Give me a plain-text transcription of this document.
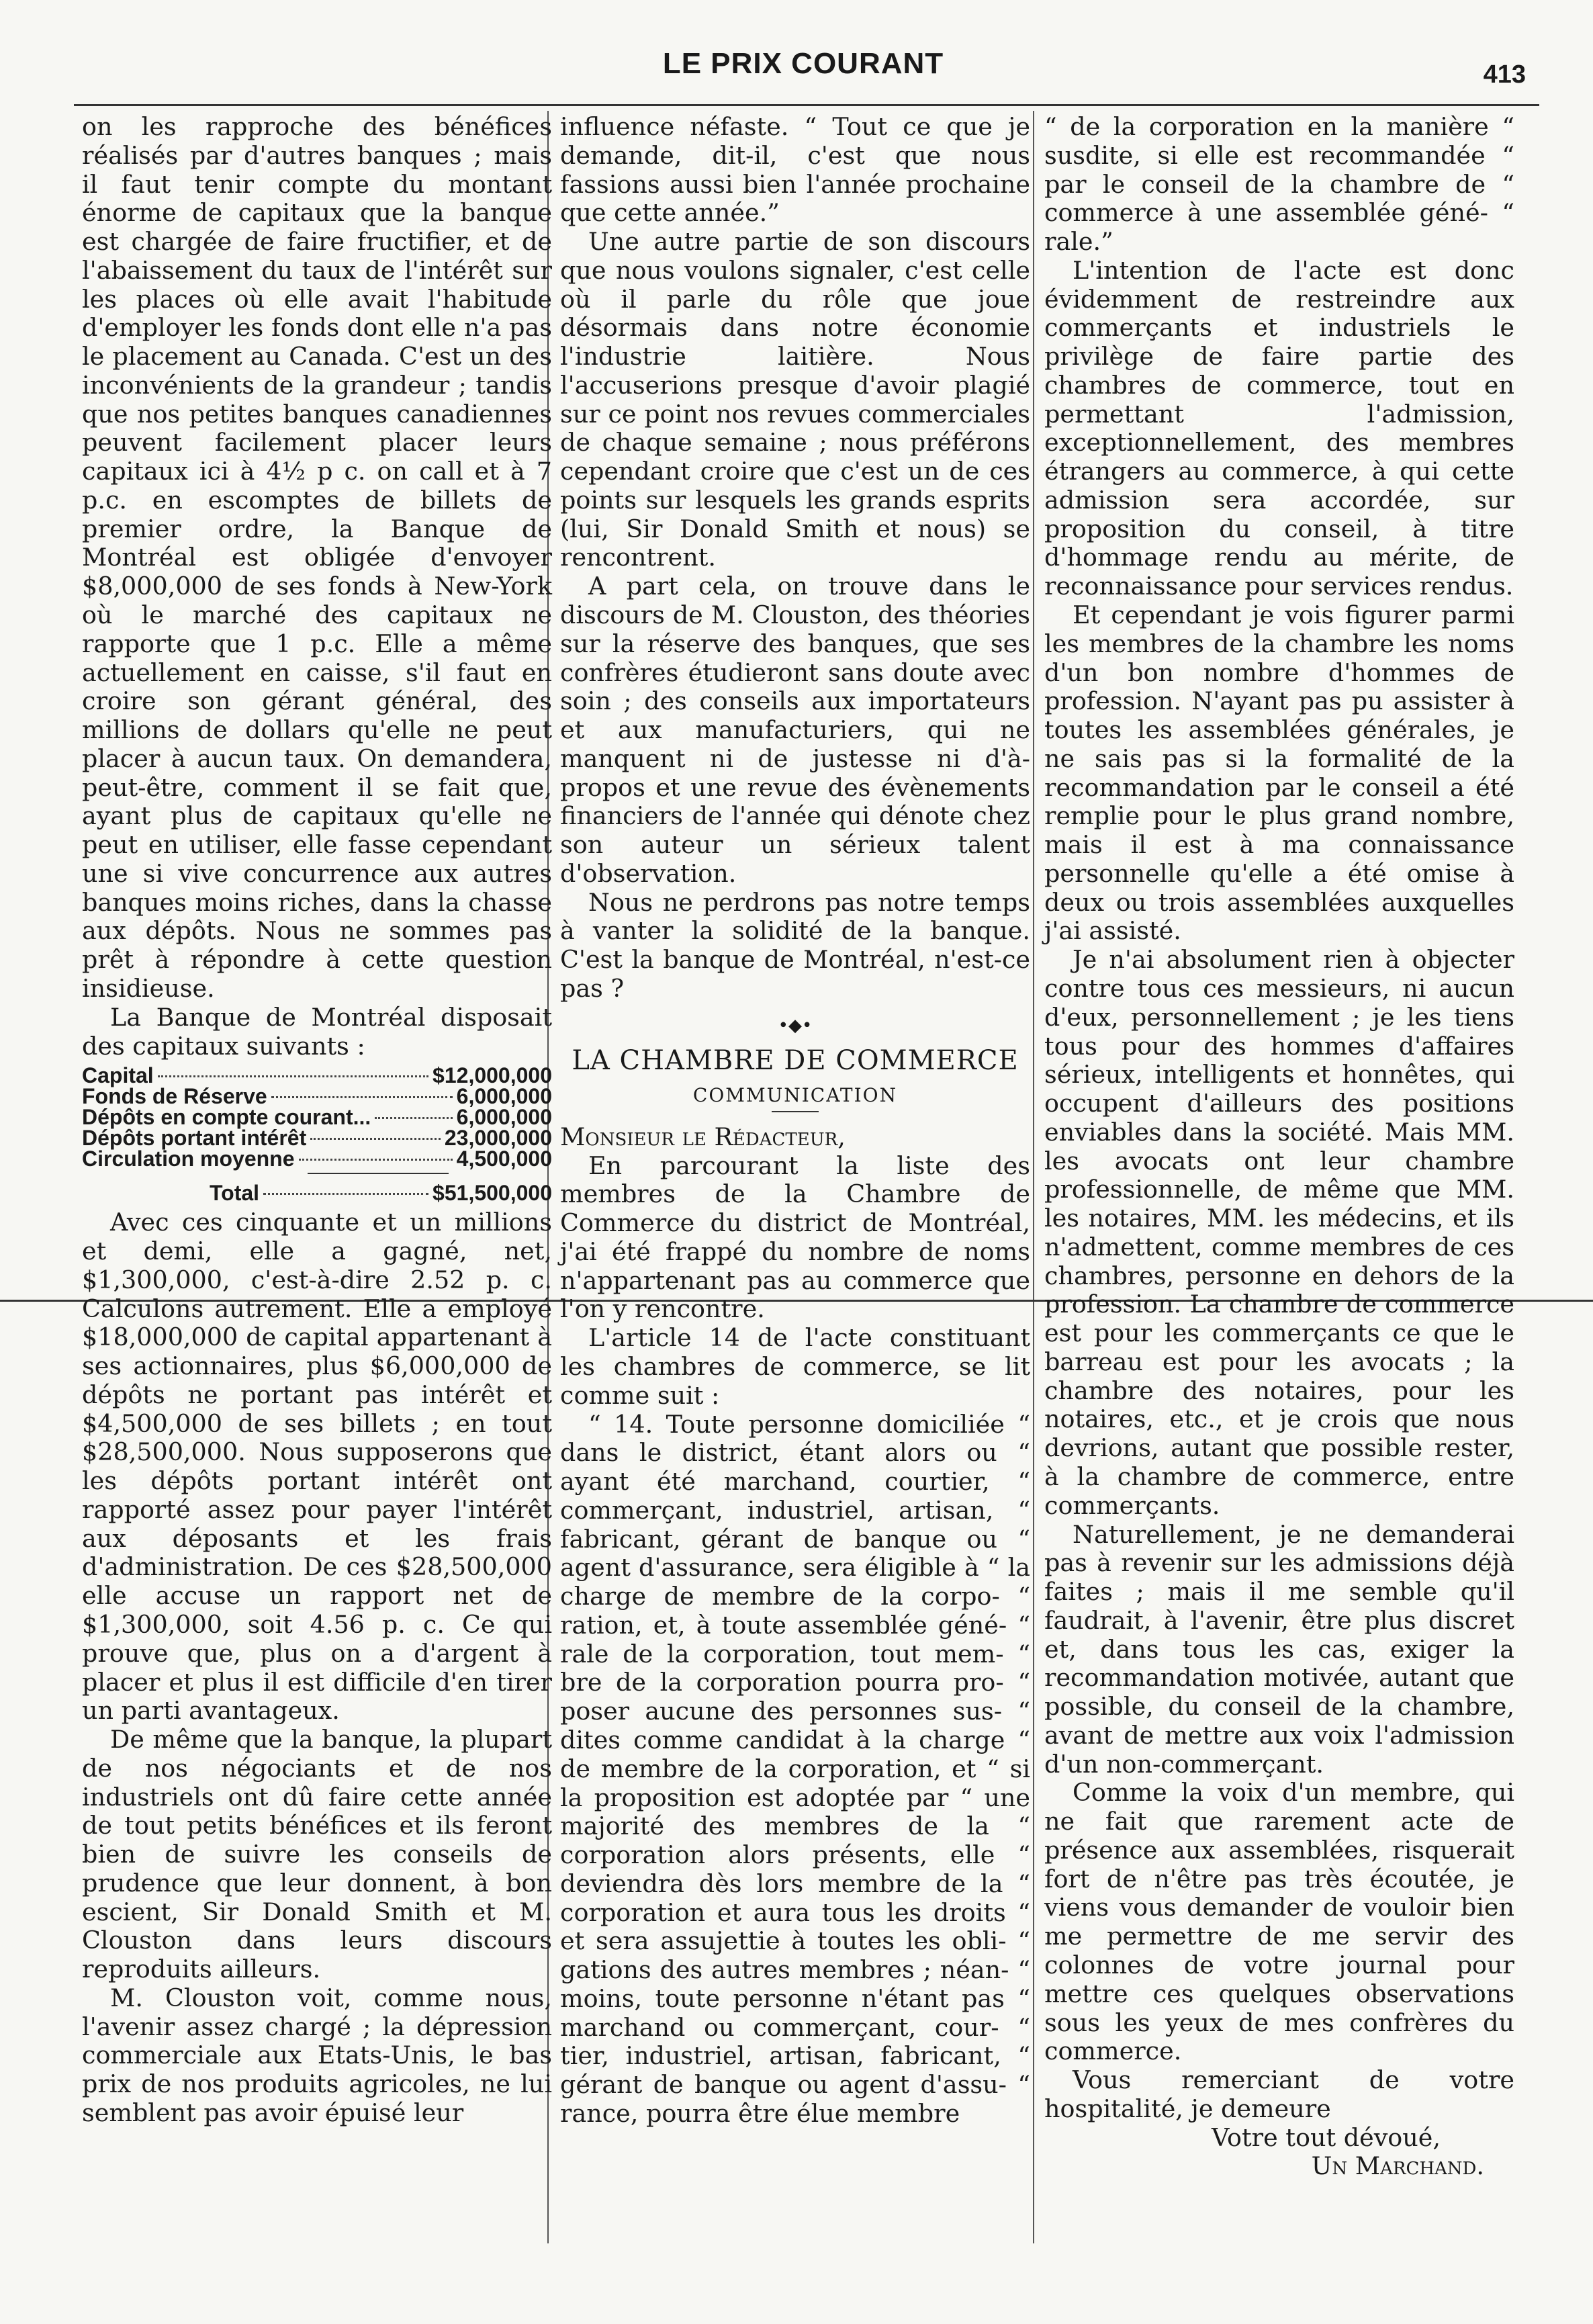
LE PRIX COURANT	413

on les rapproche des bénéfices réalisés par d'autres banques ; mais il faut tenir compte du montant énorme de capitaux que la banque est chargée de faire fructifier, et de l'abaissement du taux de l'intérêt sur les places où elle avait l'habitude d'employer les fonds dont elle n'a pas le placement au Canada. C'est un des inconvénients de la grandeur ; tandis que nos petites banques canadiennes peuvent facilement placer leurs capitaux ici à 4½ p c. on call et à 7 p.c. en escomptes de billets de premier ordre, la Banque de Montréal est obligée d'envoyer $8,000,000 de ses fonds à New-York où le marché des capitaux ne rapporte que 1 p.c. Elle a même actuellement en caisse, s'il faut en croire son gérant général, des millions de dollars qu'elle ne peut placer à aucun taux. On demandera, peut-être, comment il se fait que, ayant plus de capitaux qu'elle ne peut en utiliser, elle fasse cependant une si vive concurrence aux autres banques moins riches, dans la chasse aux dépôts. Nous ne sommes pas prêt à répondre à cette question insidieuse.

La Banque de Montréal disposait des capitaux suivants :

Capital	$12,000,000
Fonds de Réserve	6,000,000
Dépôts en compte courant...	6,000,000
Dépôts portant intérêt	23,000,000
Circulation moyenne	4,500,000
Total	$51,500,000

Avec ces cinquante et un millions et demi, elle a gagné, net, $1,300,000, c'est-à-dire 2.52 p. c. Calculons autrement. Elle a employé $18,000,000 de capital appartenant à ses actionnaires, plus $6,000,000 de dépôts ne portant pas intérêt et $4,500,000 de ses billets ; en tout $28,500,000. Nous supposerons que les dépôts portant intérêt ont rapporté assez pour payer l'intérêt aux déposants et les frais d'administration. De ces $28,500,000 elle accuse un rapport net de $1,300,000, soit 4.56 p. c. Ce qui prouve que, plus on a d'argent à placer et plus il est difficile d'en tirer un parti avantageux.

De même que la banque, la plupart de nos négociants et de nos industriels ont dû faire cette année de tout petits bénéfices et ils feront bien de suivre les conseils de prudence que leur donnent, à bon escient, Sir Donald Smith et M. Clouston dans leurs discours reproduits ailleurs.

M. Clouston voit, comme nous, l'avenir assez chargé ; la dépression commerciale aux Etats-Unis, le bas prix de nos produits agricoles, ne lui semblent pas avoir épuisé leur

influence néfaste. “ Tout ce que je demande, dit-il, c'est que nous fassions aussi bien l'année prochaine que cette année.”

Une autre partie de son discours que nous voulons signaler, c'est celle où il parle du rôle que joue désormais dans notre économie l'industrie laitière. Nous l'accuserions presque d'avoir plagié sur ce point nos revues commerciales de chaque semaine ; nous préférons cependant croire que c'est un de ces points sur lesquels les grands esprits (lui, Sir Donald Smith et nous) se rencontrent.

A part cela, on trouve dans le discours de M. Clouston, des théories sur la réserve des banques, que ses confrères étudieront sans doute avec soin ; des conseils aux importateurs et aux manufacturiers, qui ne manquent ni de justesse ni d'à-propos et une revue des évènements financiers de l'année qui dénote chez son auteur un sérieux talent d'observation.

Nous ne perdrons pas notre temps à vanter la solidité de la banque. C'est la banque de Montréal, n'est-ce pas ?

•◆•
LA CHAMBRE DE COMMERCE
COMMUNICATION

Monsieur le Rédacteur,

En parcourant la liste des membres de la Chambre de Commerce du district de Montréal, j'ai été frappé du nombre de noms n'appartenant pas au commerce que l'on y rencontre.

L'article 14 de l'acte constituant les chambres de commerce, se lit comme suit :

“ 14. Toute personne domiciliée “ dans le district, étant alors ou “ ayant été marchand, courtier, “ commerçant, industriel, artisan, “ fabricant, gérant de banque ou “ agent d'assurance, sera éligible à “ la charge de membre de la corpo- “ ration, et, à toute assemblée géné- “ rale de la corporation, tout mem- “ bre de la corporation pourra pro- “ poser aucune des personnes sus- “ dites comme candidat à la charge “ de membre de la corporation, et “ si la proposition est adoptée par “ une majorité des membres de la “ corporation alors présents, elle “ deviendra dès lors membre de la “ corporation et aura tous les droits “ et sera assujettie à toutes les obli- “ gations des autres membres ; néan- “ moins, toute personne n'étant pas “ marchand ou commerçant, cour- “ tier, industriel, artisan, fabricant, “ gérant de banque ou agent d'assu- “ rance, pourra être élue membre

“ de la corporation en la manière “ susdite, si elle est recommandée “ par le conseil de la chambre de “ commerce à une assemblée géné- “ rale.”

L'intention de l'acte est donc évidemment de restreindre aux commerçants et industriels le privilège de faire partie des chambres de commerce, tout en permettant l'admission, exceptionnellement, des membres étrangers au commerce, à qui cette admission sera accordée, sur proposition du conseil, à titre d'hommage rendu au mérite, de reconnaissance pour services rendus.

Et cependant je vois figurer parmi les membres de la chambre les noms d'un bon nombre d'hommes de profession. N'ayant pas pu assister à toutes les assemblées générales, je ne sais pas si la formalité de la recommandation par le conseil a été remplie pour le plus grand nombre, mais il est à ma connaissance personnelle qu'elle a été omise à deux ou trois assemblées auxquelles j'ai assisté.

Je n'ai absolument rien à objecter contre tous ces messieurs, ni aucun d'eux, personnellement ; je les tiens tous pour des hommes d'affaires sérieux, intelligents et honnêtes, qui occupent d'ailleurs des positions enviables dans la société. Mais MM. les avocats ont leur chambre professionnelle, de même que MM. les notaires, MM. les médecins, et ils n'admettent, comme membres de ces chambres, personne en dehors de la profession. La chambre de commerce est pour les commerçants ce que le barreau est pour les avocats ; la chambre des notaires, pour les notaires, etc., et je crois que nous devrions, autant que possible rester, à la chambre de commerce, entre commerçants.

Naturellement, je ne demanderai pas à revenir sur les admissions déjà faites ; mais il me semble qu'il faudrait, à l'avenir, être plus discret et, dans tous les cas, exiger la recommandation motivée, autant que possible, du conseil de la chambre, avant de mettre aux voix l'admission d'un non-commerçant.

Comme la voix d'un membre, qui ne fait que rarement acte de présence aux assemblées, risquerait fort de n'être pas très écoutée, je viens vous demander de vouloir bien me permettre de me servir des colonnes de votre journal pour mettre ces quelques observations sous les yeux de mes confrères du commerce.

Vous remerciant de votre hospitalité, je demeure

Votre tout dévoué,

Un Marchand.
